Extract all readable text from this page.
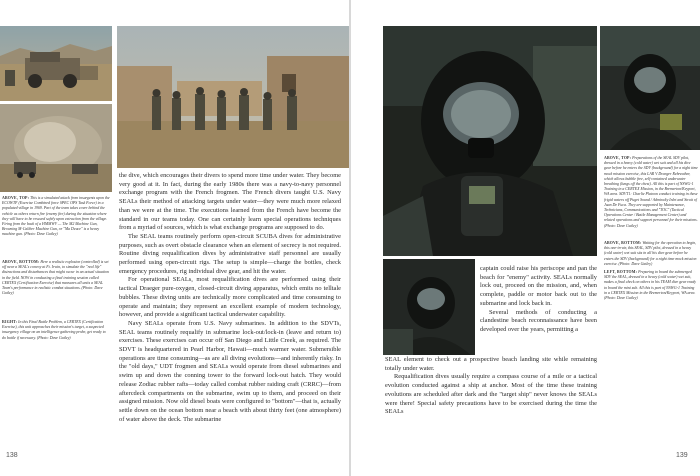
ABOVE, TOP: This is a simulated attack from insurgents upon the ECOWTF (Exercise Combined force SPEC OPS Task Force) in a populated village in 1969. Part of the team takes cover behind the vehicle as others return fire (enemy fire) during the situation where they will have to be rescued safely upon extraction from the village. Firing from the back of a HMMWV — The M2 Machine Gun, Browning M-Caliber Machine Gun, or "Ma Deuce" is a heavy machine gun. (Photo: Dave Gatley)
ABOVE, BOTTOM: Here a realistic explosion (controlled) is set off near a SEAL's convoy at Ft. Irwin, to simulate the "real life" distractions and disturbances that might occur in an actual situation in the field. NOW in conducting a final training session called CERTEX (Certification Exercise) that measures all units a SEAL Team's performance in realistic combat situations. (Photo: Dave Gatley)
RIGHT: In this Final Battle Problem, a CERTEX (Certification Exercise), this unit approaches their mission's target, a suspected insurgency village on an intelligence gathering probe, get ready to do battle if necessary. (Photo: Dave Gatley)

the dive, which encourages their divers to spend more time under water. They become very good at it. In fact, during the early 1980s there was a navy-to-navy personnel exchange program with the French frogmen. The French divers taught U.S. Navy SEALs their method of attacking targets under water—they were much more relaxed than we were at the time. The executions learned from the French have become the standard in our teams today. One can certainly learn special operations techniques from a myriad of sources, which is what exchange programs are supposed to do.

The SEAL teams routinely perform open-circuit SCUBA dives for administrative purposes, such as overt obstacle clearance when an element of secrecy is not required. Routine diving requalification dives by administrative staff personnel are usually performed using open-circuit rigs. The setup is simple—charge the bottles, check emergency procedures, rig individual dive gear, and hit the water.

For operational SEALs, most requalification dives are performed using their tactical Draeger pure-oxygen, closed-circuit diving apparatus, which emits no telltale bubbles. These diving units are technically more complicated and time consuming to operate and maintain; they represent an excellent example of modern technology, however, and provide a significant tactical underwater capability.

Navy SEALs operate from U.S. Navy submarines. In addition to the SDVTs, SEAL teams routinely requalify in submarine lock-out/lock-in (leave and return to) exercises. These exercises can occur off San Diego and Little Creek, as required. The SDVT is headquartered in Pearl Harbor, Hawaii—much warmer water. Submersible operations are time consuming—as are all diving evolutions—and inherently risky. In the "old days," UDT frogmen and SEALs would operate from diesel submarines and swim up and down the conning tower to the forward lock-out hatch. They would release Zodiac rubber rafts—today called combat rubber raiding craft (CRRC)—from aftercdeck compartments on the submarine, swim up to them, and proceed on their assigned mission. Now old diesel boats were configured to "bottom"—that is, actually settle down on the ocean bottom near a beach with about thirty feet (one atmosphere) of water above the deck. The submarine

138
ABOVE, TOP: Preparations of the SEAL SDV pilot, dressed in a heavy (cold water) wet suit and all his dive gear before he enters the SDV (background) for a night time mock mission exercise, this LAR V Draeger Rebreather, which allows bubble free, self-contained underwater breathing (lungs off the chest). All this is part of NSWG-1 Training in a CERTEX Mission, in the Bremerton/Keyport, WA area. SDVT1: Charlie Platoon conduct training in these frigid waters off Puget Sound / Admiralty Inlet and Strait of Juan De Fuca. They are supported by Maintenance, Technicians, Communications and "TOC" (Tactical Operations Center / Battle Management Center) and related operations and support personnel for their missions. (Photo: Dave Gatley)
ABOVE, BOTTOM: Waiting for the operation to begin, this one-in-air, this SEAL, SDV pilot, dressed in a heavy (cold water) wet suit sits in all his dive gear before he enters the SDV (background) for a night time mock mission exercise. (Photo: Dave Gatley)
LEFT, BOTTOM: Preparing to board the submerged SDV the SEAL, dressed in a heavy (cold water) wet suit, makes a final check on others in his TEAM dive gear ready to board the mini sub. All this is part of NSWG-1 Training in a CERTEX Mission in the Bremerton/Keyport, WA area. (Photo: Dave Gatley)

captain could raise his periscope and pan the beach for "enemy" activity. SEALs normally lock out, proceed on the mission, and, when complete, paddle or motor back out to the submarine and lock back in.

Several methods of conducting a clandestine beach reconnaissance have been developed over the years, permitting a

SEAL element to check out a prospective beach landing site while remaining totally under water.

Requalification dives usually require a compass course of a mile or a tactical evolution conducted against a ship at anchor. Most of the time these training evolutions are scheduled after dark and the "target ship" never knows the SEALs were there! Special safety precautions have to be exercised during the time the SEALs

139
